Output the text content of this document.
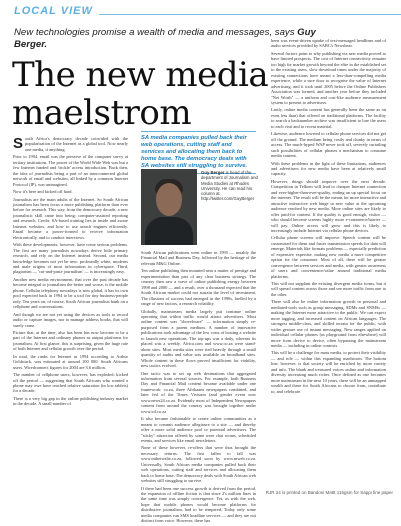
LOCAL VIEW
New technologies promise a wealth of media and messages, says Guy Berger.
The new media maelstrom
S outh Africa's democracy decade coincided with the popularisation of the Internet as a global tool. Now nearly one media, if anything.

Prior to 1994, email was the preserve of the computer savvy at tertiary institutions. The power of the World Wide Web was but a few Internet funded and 'trickle' access introduction. Back then, the idea of journalists being a part of an interconnected global network of email and websites, all linked by a common Internet Protocol (IP), was unimagined.

Now it's here and kicked off hard.

Journalists are the main adults of the Internet. So South African journalism has been focus a more publishing platform than ever before for research. This way, from the democracy decade, a new journalistic skill came into being: computer-assisted reporting and research. Credit: SA-based training lies in inside and aware Internet websites, and how to use search engines efficiently. Email became a power-formed to receive information electronically, and to conduct interviews.

With these developments, however, have come serious problems. The first are many journalists nowadays derive little primary research, and rely on the Internet instead. Second, our media knowledge becomes not yet be new: profoundly white, moderns and male origins of most information in cyberspace. Third, plagiarism — 'cut-and-paste journalism' — is increasingly easy.

Another new media environment, that over the past decade has become integral to journalism the better and worse, is the mobile phone. Cellular telephony nowadays is now global, it has its own pool expected back in 1994 to be a tool for tiny business-people only. Ten years on, of course, South African journalists bank on a cellphone and conversations.

And though we are not yet using the devices as tools to record audio or capture images, nor to manage address books, that will surely come.

Picture that, at the time, also has been has now become to be a part of the Internet and ordinary phones as output platforms for journalism. At first glance, this is surprising, given the huge rate of both Internet and cellular growth over the period.

In total, the ranks for Internet in 1994 according to Arthur Goldstuck, was estimated at around 100 000. South Africans users. Wiredconnect figures for 2004 are 3.6 million.

The number of cellphone users, however, has exploded: kicked off the period — suggesting that South Africans who wanted a phone may owe have reached relative saturation (in low tablets) for a decade.

There is a very big gap in the online publishing industry market in the decade. A small number of

SA media companies pulled back their web operations, cutting staff and services and allocating them back to home base. The democracy deals with SA websites still struggling to survive.
Guy Berger is head of the department of Journalism and Media Studies at Rhodes University. He can read his column at http://twitter.com/GuyBerger

South African publications went online in 1995 — notably the Financial Mail and Business Day, followed by the heritage of the relevant M&G Online.

Ten online publishing then mounted near a matter of prestige and experimentation than part of any clear business strategy. The country then saw a wave of online publishing energy between 1998 and 2000 — and a result, over a thousand expected that the South African market could not sustain the level of investment. The illusions of success had emerged in the 1990s, fuelled by a range of new factors, a research volatility.

Globally, mainstream media largely put continue online operating that within traffic would attract advertisers. Most online content was "shovelware" — information simply re-purposed from a parent medium. A number of innovative publications took advantage of the low costs of hosting a website to launch new operations. The top-ups was a daily, whereas its placed was a weekly. Africa.com and www.co.za were stand-alone sites. Most media sites were tied heavily through a small quantity of audits and value was available on broadband sites. Whole content in these flows proved insufficient for viability, new tactics evolved.

One tactic was to set up web destinations that aggregated information from several sources. For example, both Business Day and Financial Mail content became available under one framework: co.za, three Afrikaans newspapers combined, and later fed of the Times Vivisum (and gender event now www.news24.co.za. Evidently most of Independent Newspapers content from around the country was brought together under www.iol.co.za

It also became fashionable to create online communities as a means to commit audience allegiance to a site — and thereby offer a more solid audience pool to potential advertisers. The "sticky" attraction offered by some were chat rooms, scheduled events, and services like email newsletters.

None of these however, re-offers that were thus brought the necessary returns. The first fallen to fall was www.mthetwalie.co.za, followed soon by www.mweb.co.za. Universally, South African media companies pulled back their web operations, cutting staff and services and allocating them back to home base. The democracy deals with South African web websites still struggling to survive.

If there had been one success growth is derived from the period, the expansion of offline fiction is that since 2's million lines in the same time was simply convergence. Yet, as with the web, hope that mobile phones would become platforms for distributive journalism, had to be tempered. Today only some media companies run SMS headline services — and they are not distinct from voice. However, there has

been was event-driven uptake of text-messaged headlines and of audio services provided by SABC's Newsbeat.

Several factors point to why publishing via new media proved to have limited prospects. The cost of Internet connectivity remains too high for market growth beyond the elite in the established set to the existing users, slow download times under the majority of existing connections have meant a less-than-compelling media experience, while a sure door to recognise the value of Internet advertising, and it took until 2005 before the Online Publishers Association was formed, and another year before they included "Net Worth" — a uniform and cost-like audience measurement system to present to advertisers.

Lastly, online media content has generally been the same as on even less than) that offered on traditional platforms. The facility to search a backnumber archive was insufficient to lure the users to each visit and to recent material.

Likewise, audience lowered to cellular phone services did not get off the ground. The medium being costly and clunky in terms of access. The much-hyped WAP never took off, severely curtailing such possibilities of cellular phones a mechanism to consume media content.

With these problems in the light of these limitations, audiences and advertisers for new media have been at relatively small capacity.

However, things should improve over the next decade. Competition in Telkom will lead to cheaper Internet connection and ever-higher-than-ever-quality, ending an up special focus on the internet. The result will be the means for more interactive and attractive interactive web hinge in new value at the upcoming audience reached by new media. More online sites are likely to offer paid-for content. If the quality is good enough, visitor — who should become screens highly more e-commerce/barrier — will pay. Online access will grow and this is likely to increasingly include Internet via cellular phone devices.

Cellular phone screens will improve. Speech content will be customised for them and faster transmission speeds for data will emerge. Materials like formats problems — especially prediction of expensive expertise, making new media a more competitive option for the consumer. Most of all, there will be greater convergence between services and media, with greater awareness of users and convenience/value around traditional media platforms.

This will not supplant the existing divergent media forms, but it will spread content across those and see more traffic from one to the other.

There will also be online information growth in personal and mediated-tools such as group messaging, SDMs and SNMSs — making the Internet more attractive to the public. We can expect more tagging, and increased content on African languages. The strongest middle-class, and skilled terrain for the public, with wider gesture use of instant messaging. New ranges applied on individual cellular phones (as playground from elsewhere) will move from device to device, often bypassing the mainstream media — including in online contexts.

This will be a challenge for mass media, to protect their visibility — and role — within this expanding maelstrom. The bottom line, however, is that society will be enriched by more variety and info. The blank and treasured voices online and information diversity increasing much richer. Once defined as one becomes more mainstream in the next 10 years, there will be an unmapped wealth and these for South Africans to choose from, contribute to, and celebrate.

RJR 24 is printed on Bandoni Mattt 115gsm for Sappi fine paper
